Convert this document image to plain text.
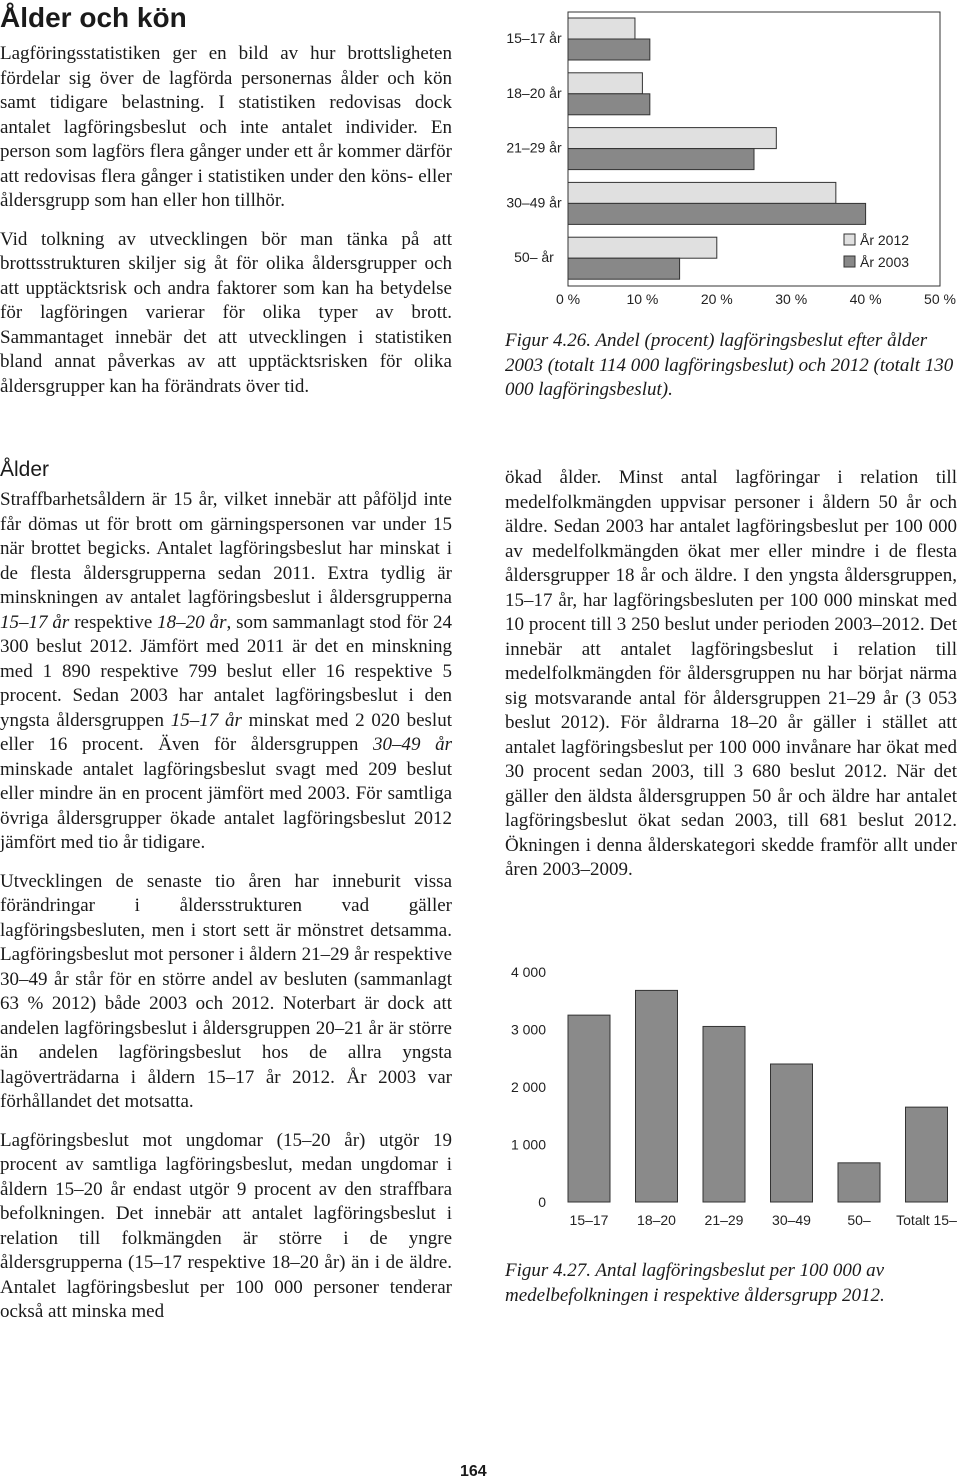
Ålder och kön

Lagföringsstatistiken ger en bild av hur brottsligheten fördelar sig över de lagförda personernas ålder och kön samt tidigare belastning. I statistiken redovisas dock antalet lagföringsbeslut och inte antalet individer. En person som lagförs flera gånger under ett år kommer därför att redovisas flera gånger i statistiken under den köns- eller åldersgrupp som han eller hon tillhör.

Vid tolkning av utvecklingen bör man tänka på att brottsstrukturen skiljer sig åt för olika åldersgrupper och att upptäcktsrisk och andra faktorer som kan ha betydelse för lagföringen varierar för olika typer av brott. Sammantaget innebär det att utvecklingen i statistiken bland annat påverkas av att upptäcktsrisken för olika åldersgrupper kan ha förändrats över tid.

15–17 år
18–20 år
21–29 år
30–49 år
50– år
0 %	10 %	20 %	30 %	40 %	50 %
År 2012
År 2003
Figur 4.26. Andel (procent) lagföringsbeslut efter ålder 2003 (totalt 114 000 lagföringsbeslut) och 2012 (totalt 130 000 lagföringsbeslut).
Ålder

Straffbarhetsåldern är 15 år, vilket innebär att påföljd inte får dömas ut för brott om gärningspersonen var under 15 när brottet begicks. Antalet lagföringsbeslut har minskat i de flesta åldersgrupperna sedan 2011. Extra tydlig är minskningen av antalet lagföringsbeslut i åldersgrupperna 15–17 år respektive 18–20 år, som sammanlagt stod för 24 300 beslut 2012. Jämfört med 2011 är det en minskning med 1 890 respektive 799 beslut eller 16 respektive 5 procent. Sedan 2003 har antalet lagföringsbeslut i den yngsta åldersgruppen 15–17 år minskat med 2 020 beslut eller 16 procent. Även för åldersgruppen 30–49 år minskade antalet lagföringsbeslut svagt med 209 beslut eller mindre än en procent jämfört med 2003. För samtliga övriga åldersgrupper ökade antalet lagföringsbeslut 2012 jämfört med tio år tidigare.

Utvecklingen de senaste tio åren har inneburit vissa förändringar i åldersstrukturen vad gäller lagföringsbesluten, men i stort sett är mönstret detsamma. Lagföringsbeslut mot personer i åldern 21–29 år respektive 30–49 år står för en större andel av besluten (sammanlagt 63 % 2012) både 2003 och 2012. Noterbart är dock att andelen lagföringsbeslut i åldersgruppen 20–21 år är större än andelen lagföringsbeslut hos de allra yngsta lagöverträdarna i åldern 15–17 år 2012. År 2003 var förhållandet det motsatta.

Lagföringsbeslut mot ungdomar (15–20 år) utgör 19 procent av samtliga lagföringsbeslut, medan ungdomar i åldern 15–20 år endast utgör 9 procent av den straffbara befolkningen. Det innebär att antalet lagföringsbeslut i relation till folkmängden är större i de yngre åldersgrupperna (15–17 respektive 18–20 år) än i de äldre. Antalet lagföringsbeslut per 100 000 personer tenderar också att minska med

ökad ålder. Minst antal lagföringar i relation till medelfolkmängden uppvisar personer i åldern 50 år och äldre. Sedan 2003 har antalet lagföringsbeslut per 100 000 av medelfolkmängden ökat mer eller mindre i de flesta åldersgrupper 18 år och äldre. I den yngsta åldersgruppen, 15–17 år, har lagföringsbesluten per 100 000 minskat med 10 procent till 3 250 beslut under perioden 2003–2012. Det innebär att antalet lagföringsbeslut i relation till medelfolkmängden för åldersgruppen nu har börjat närma sig motsvarande antal för åldersgruppen 21–29 år (3 053 beslut 2012). För åldrarna 18–20 år gäller i stället att antalet lagföringsbeslut per 100 000 invånare har ökat med 30 procent sedan 2003, till 3 680 beslut 2012. När det gäller den äldsta åldersgruppen 50 år och äldre har antalet lagföringsbeslut ökat sedan 2003, till 681 beslut 2012. Ökningen i denna ålderskategori skedde framför allt under åren 2003–2009.

0
1 000
2 000
3 000
4 000
15–17 18–20 21–29 30–49	50– Totalt 15–
Figur 4.27. Antal lagföringsbeslut per 100 000 av medelbefolkningen i respektive åldersgrupp 2012.
164
